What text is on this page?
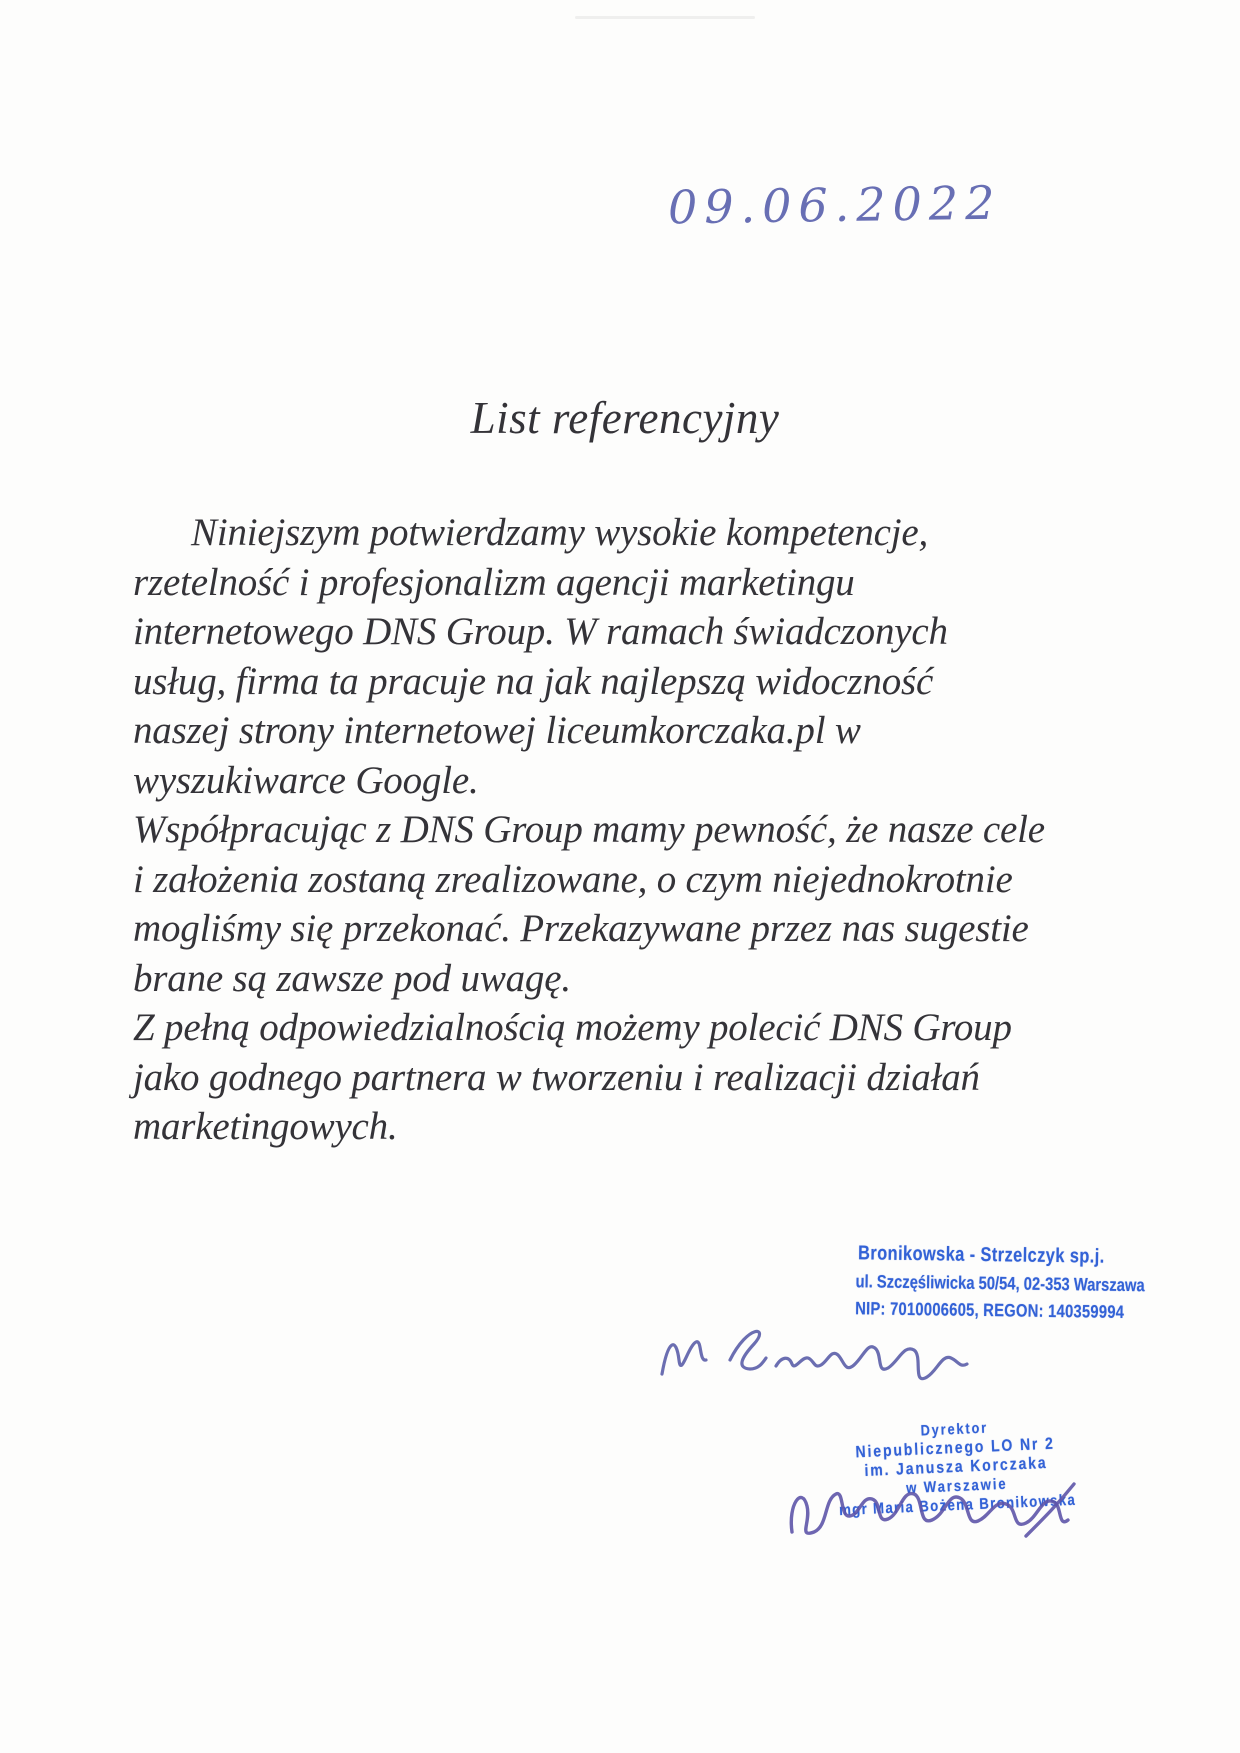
09.06.2022
List referencyjny
Niniejszym potwierdzamy wysokie kompetencje,
rzetelność i profesjonalizm agencji marketingu
internetowego DNS Group. W ramach świadczonych
usług, firma ta pracuje na jak najlepszą widoczność
naszej strony internetowej liceumkorczaka.pl w
wyszukiwarce Google.
Współpracując z DNS Group mamy pewność, że nasze cele
i założenia zostaną zrealizowane, o czym niejednokrotnie
mogliśmy się przekonać. Przekazywane przez nas sugestie
brane są zawsze pod uwagę.
Z pełną odpowiedzialnością możemy polecić DNS Group
jako godnego partnera w tworzeniu i realizacji działań
marketingowych.
Bronikowska - Strzelczyk sp.j.
ul. Szczęśliwicka 50/54, 02-353 Warszawa
NIP: 7010006605, REGON: 140359994
Dyrektor
Niepublicznego LO Nr 2
im. Janusza Korczaka
w Warszawie
mgr Maria Bożena Bronikowska
